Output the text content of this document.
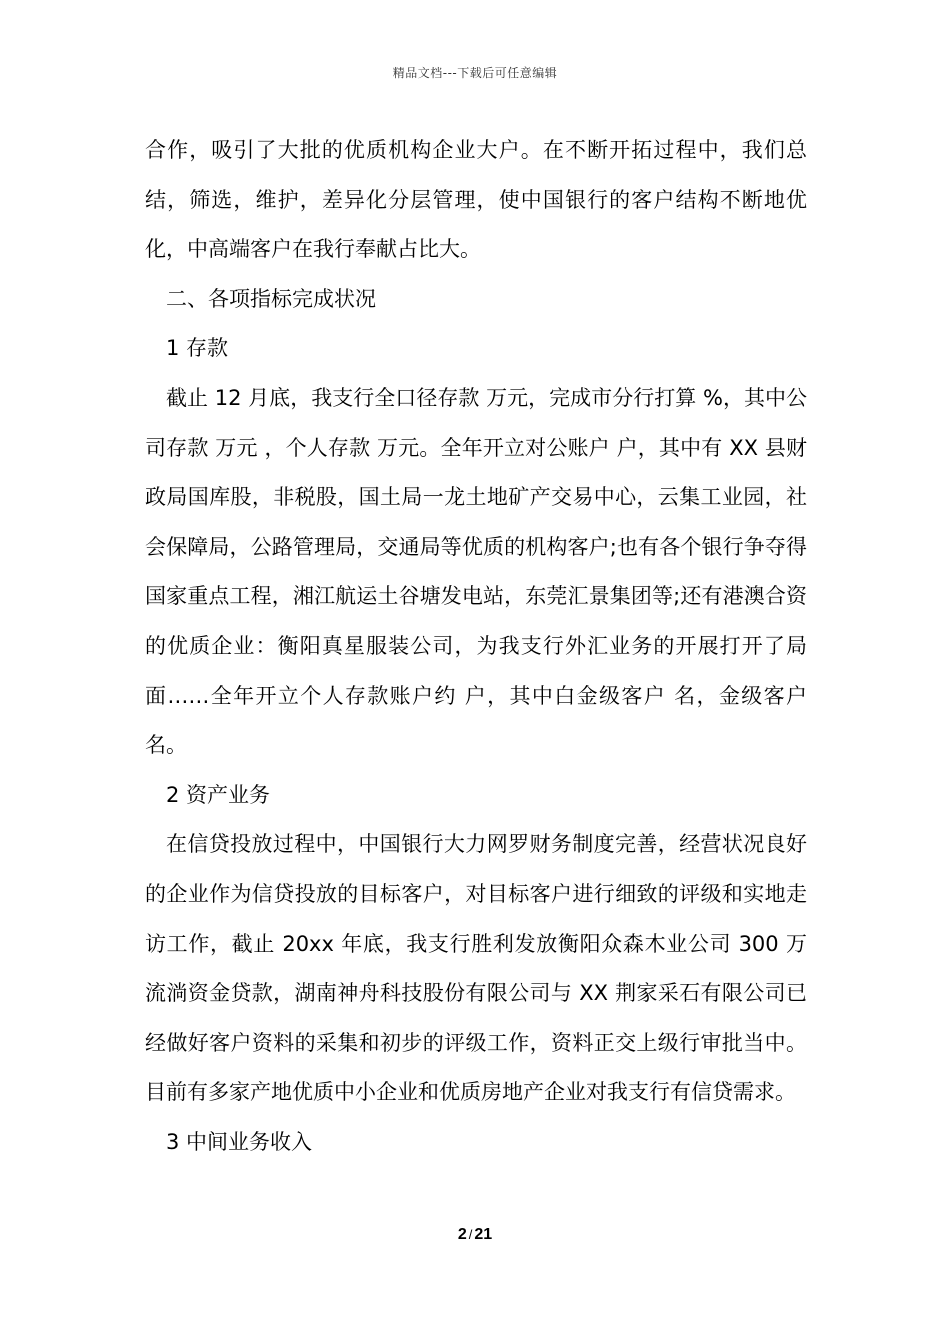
精品文档---下载后可任意编辑

合作，吸引了大批的优质机构企业大户。在不断开拓过程中，我们总结，筛选，维护，差异化分层管理，使中国银行的客户结构不断地优化，中高端客户在我行奉献占比大。

二、各项指标完成状况

1 存款

截止 12 月底，我支行全口径存款 万元，完成市分行打算 %，其中公司存款 万元 ，个人存款 万元。全年开立对公账户 户，其中有 XX 县财政局国库股，非税股，国土局一龙土地矿产交易中心，云集工业园，社会保障局，公路管理局，交通局等优质的机构客户;也有各个银行争夺得国家重点工程，湘江航运土谷塘发电站，东莞汇景集团等;还有港澳合资的优质企业：衡阳真星服装公司，为我支行外汇业务的开展打开了局面……全年开立个人存款账户约 户，其中白金级客户 名，金级客户 名。

2 资产业务

在信贷投放过程中，中国银行大力网罗财务制度完善，经营状况良好的企业作为信贷投放的目标客户，对目标客户进行细致的评级和实地走访工作，截止 20xx 年底，我支行胜利发放衡阳众森木业公司 300 万流淌资金贷款，湖南神舟科技股份有限公司与 XX 荆家采石有限公司已经做好客户资料的采集和初步的评级工作，资料正交上级行审批当中。目前有多家产地优质中小企业和优质房地产企业对我支行有信贷需求。

3 中间业务收入

2 / 21
